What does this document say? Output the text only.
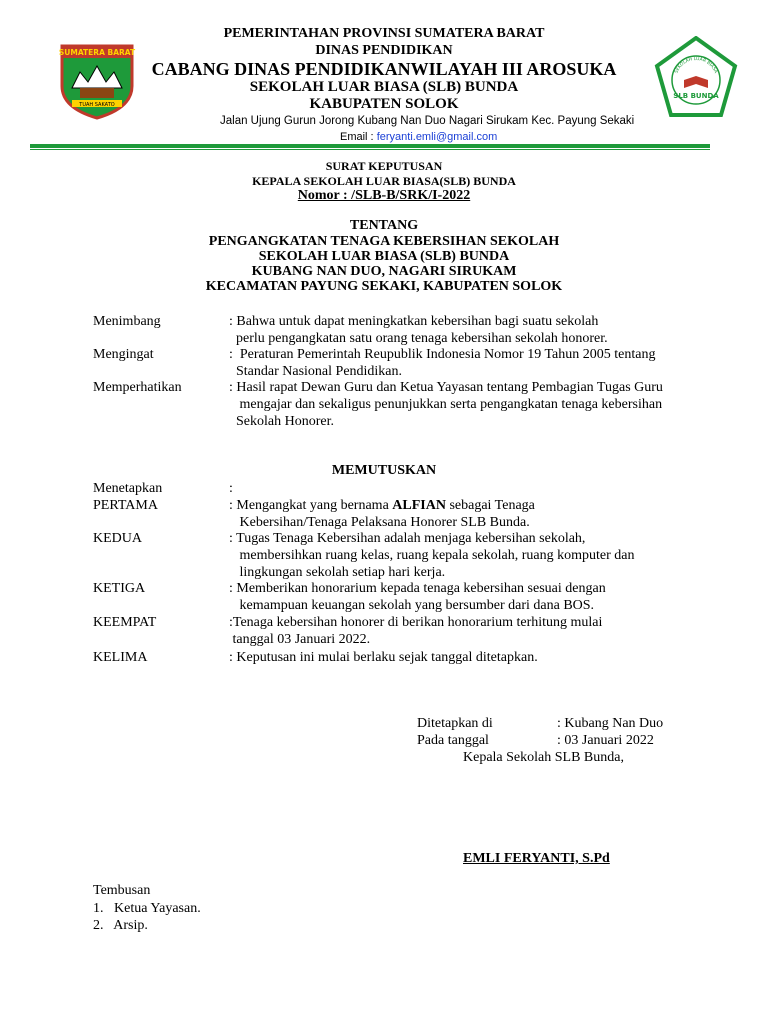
SUMATERA BARAT
TUAH SAKATO
SEKOLAH LUAR BIASA
SLB BUNDA
PEMERINTAHAN PROVINSI SUMATERA BARAT
DINAS PENDIDIKAN
CABANG DINAS PENDIDIKANWILAYAH III AROSUKA
SEKOLAH LUAR BIASA (SLB) BUNDA
KABUPATEN SOLOK
Jalan Ujung Gurun Jorong Kubang Nan Duo Nagari Sirukam Kec. Payung Sekaki
Email : feryanti.emli@gmail.com
SURAT KEPUTUSAN
KEPALA SEKOLAH LUAR BIASA(SLB) BUNDA
Nomor : /SLB-B/SRK/I-2022
TENTANG
PENGANGKATAN TENAGA KEBERSIHAN SEKOLAH
SEKOLAH LUAR BIASA (SLB) BUNDA
KUBANG NAN DUO, NAGARI SIRUKAM
KECAMATAN PAYUNG SEKAKI, KABUPATEN SOLOK
Menimbang	: Bahwa untuk dapat meningkatkan kebersihan bagi suatu sekolah
perlu pengangkatan satu orang tenaga kebersihan sekolah honorer.
Mengingat	:  Peraturan Pemerintah Reupublik Indonesia Nomor 19 Tahun 2005 tentang
Standar Nasional Pendidikan.
Memperhatikan	: Hasil rapat Dewan Guru dan Ketua Yayasan tentang Pembagian Tugas Guru
mengajar dan sekaligus penunjukkan serta pengangkatan tenaga kebersihan
Sekolah Honorer.
MEMUTUSKAN
Menetapkan	:
PERTAMA	: Mengangkat yang bernama ALFIAN sebagai Tenaga
Kebersihan/Tenaga Pelaksana Honorer SLB Bunda.
KEDUA	: Tugas Tenaga Kebersihan adalah menjaga kebersihan sekolah,
membersihkan ruang kelas, ruang kepala sekolah, ruang komputer dan
lingkungan sekolah setiap hari kerja.
KETIGA	: Memberikan honorarium kepada tenaga kebersihan sesuai dengan
kemampuan keuangan sekolah yang bersumber dari dana BOS.
KEEMPAT	:Tenaga kebersihan honorer di berikan honorarium terhitung mulai
tanggal 03 Januari 2022.
KELIMA	: Keputusan ini mulai berlaku sejak tanggal ditetapkan.
Ditetapkan di	: Kubang Nan Duo
Pada tanggal	: 03 Januari 2022
Kepala Sekolah SLB Bunda,
EMLI FERYANTI, S.Pd
Tembusan
1.   Ketua Yayasan.
2.   Arsip.
